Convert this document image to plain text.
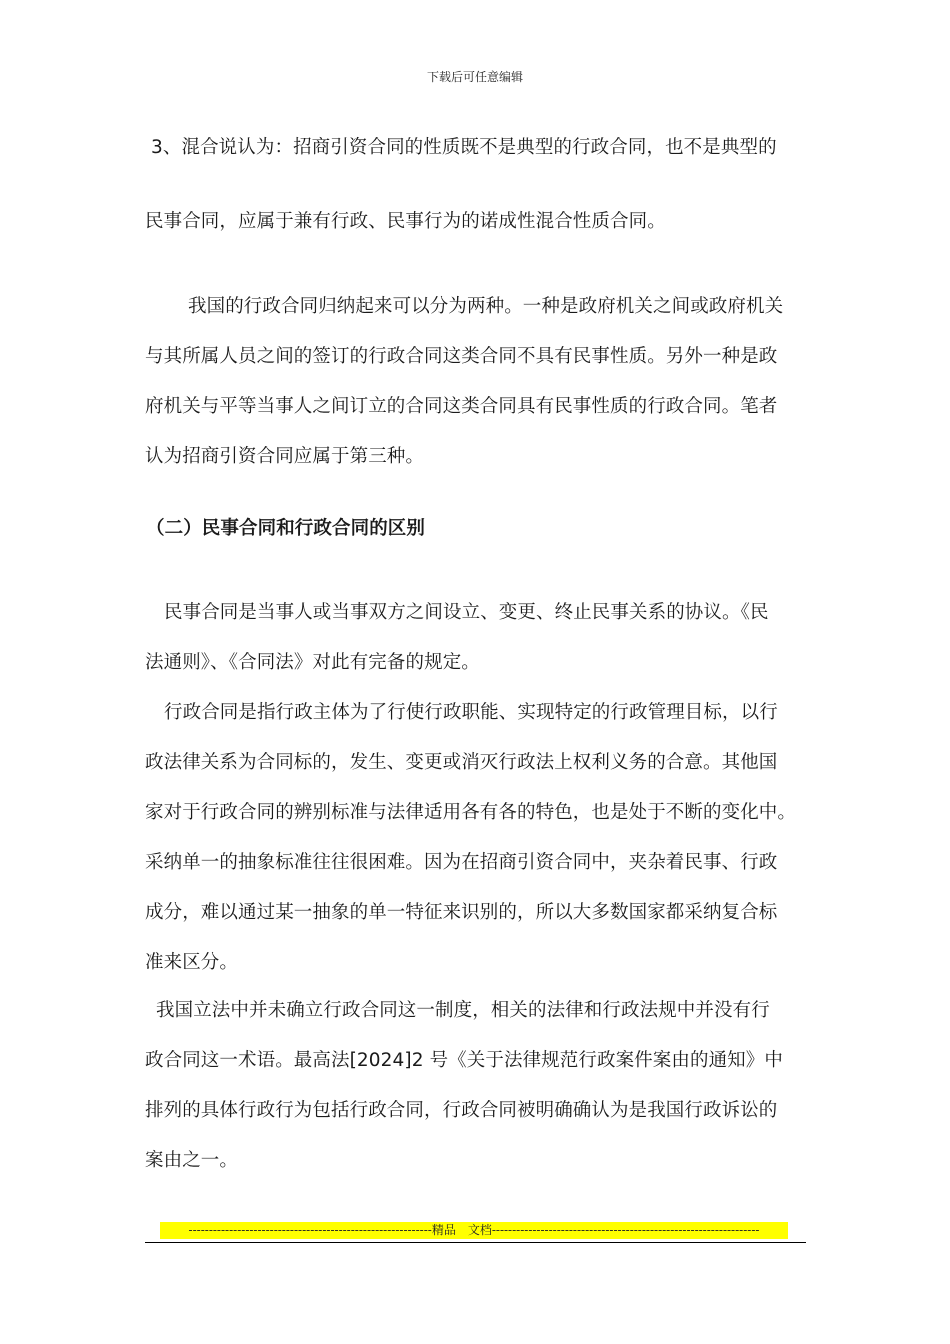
下载后可任意编辑
3、混合说认为：招商引资合同的性质既不是典型的行政合同，也不是典型的
民事合同，应属于兼有行政、民事行为的诺成性混合性质合同。
我国的行政合同归纳起来可以分为两种。一种是政府机关之间或政府机关
与其所属人员之间的签订的行政合同这类合同不具有民事性质。另外一种是政
府机关与平等当事人之间订立的合同这类合同具有民事性质的行政合同。笔者
认为招商引资合同应属于第三种。
（二）民事合同和行政合同的区别
民事合同是当事人或当事双方之间设立、变更、终止民事关系的协议。《民
法通则》、《合同法》对此有完备的规定。
行政合同是指行政主体为了行使行政职能、实现特定的行政管理目标，以行
政法律关系为合同标的，发生、变更或消灭行政法上权利义务的合意。其他国
家对于行政合同的辨别标准与法律适用各有各的特色，也是处于不断的变化中。
采纳单一的抽象标准往往很困难。因为在招商引资合同中，夹杂着民事、行政
成分，难以通过某一抽象的单一特征来识别的，所以大多数国家都采纳复合标
准来区分。
我国立法中并未确立行政合同这一制度，相关的法律和行政法规中并没有行
政合同这一术语。最高法[2024]2 号《关于法律规范行政案件案由的通知》中
排列的具体行政行为包括行政合同，行政合同被明确确认为是我国行政诉讼的
案由之一。
------------------------------------------------------------精品　文档------------------------------------------------------------------
